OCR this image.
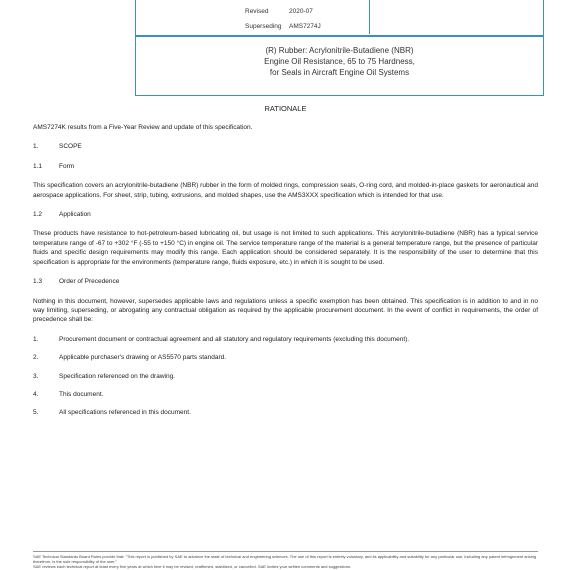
Revised	2020-07
Superseding AMS7274J
(R) Rubber: Acrylonitrile-Butadiene (NBR)
Engine Oil Resistance, 65 to 75 Hardness,
for Seals in Aircraft Engine Oil Systems
RATIONALE

AMS7274K results from a Five-Year Review and update of this specification.

1.	SCOPE
1.1	Form

This specification covers an acrylonitrile-butadiene (NBR) rubber in the form of molded rings, compression seals, O-ring cord, and molded-in-place gaskets for aeronautical and aerospace applications. For sheet, strip, tubing, extrusions, and molded shapes, use the AMS3XXX specification which is intended for that use.

1.2	Application

These products have resistance to hot-petroleum-based lubricating oil, but usage is not limited to such applications. This acrylonitrile-butadiene (NBR) has a typical service temperature range of -67 to +302 °F (-55 to +150 °C) in engine oil. The service temperature range of the material is a general temperature range, but the presence of particular fluids and specific design requirements may modify this range. Each application should be considered separately. It is the responsibility of the user to determine that this specification is appropriate for the environments (temperature range, fluids exposure, etc.) in which it is sought to be used.

1.3	Order of Precedence

Nothing in this document, however, supersedes applicable laws and regulations unless a specific exemption has been obtained. This specification is in addition to and in no way limiting, superseding, or abrogating any contractual obligation as required by the applicable procurement document. In the event of conflict in requirements, the order of precedence shall be:

1.	Procurement document or contractual agreement and all statutory and regulatory requirements (excluding this document).
2.	Applicable purchaser's drawing or AS5570 parts standard.
3.	Specification referenced on the drawing.
4.	This document.
5.	All specifications referenced in this document.
SAE Technical Standards Board Rules provide that: "This report is published by SAE to advance the state of technical and engineering sciences. The use of this report is entirely voluntary, and its applicability and suitability for any particular use, including any patent infringement arising therefrom, is the sole responsibility of the user."
SAE reviews each technical report at least every five years at which time it may be revised, reaffirmed, stabilized, or cancelled. SAE invites your written comments and suggestions.
